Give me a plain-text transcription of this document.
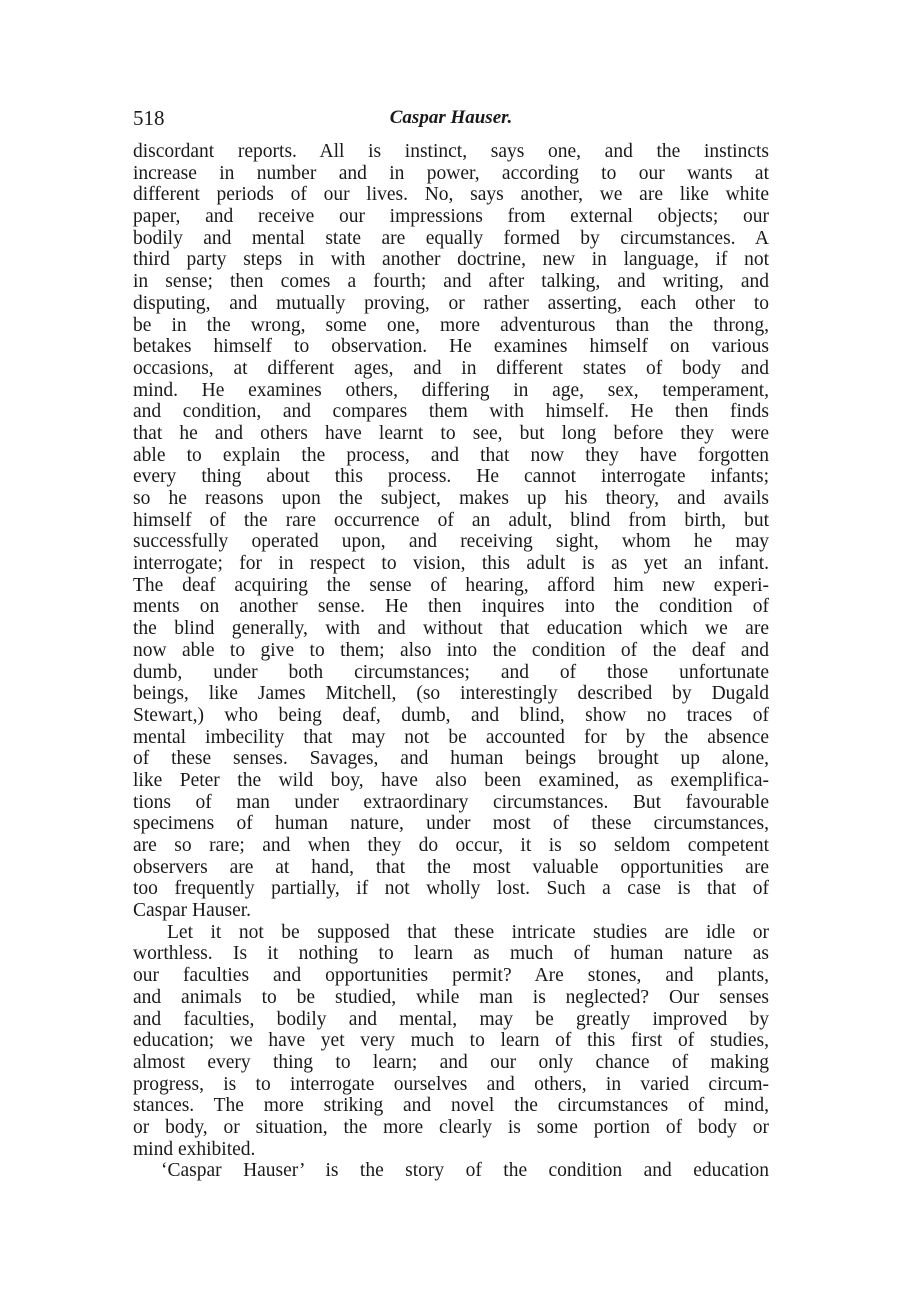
518	Caspar Hauser.
discordant reports. All is instinct, says one, and the instincts
increase in number and in power, according to our wants at
different periods of our lives. No, says another, we are like white
paper, and receive our impressions from external objects; our
bodily and mental state are equally formed by circumstances. A
third party steps in with another doctrine, new in language, if not
in sense; then comes a fourth; and after talking, and writing, and
disputing, and mutually proving, or rather asserting, each other to
be in the wrong, some one, more adventurous than the throng,
betakes himself to observation. He examines himself on various
occasions, at different ages, and in different states of body and
mind. He examines others, differing in age, sex, temperament,
and condition, and compares them with himself. He then finds
that he and others have learnt to see, but long before they were
able to explain the process, and that now they have forgotten
every thing about this process. He cannot interrogate infants;
so he reasons upon the subject, makes up his theory, and avails
himself of the rare occurrence of an adult, blind from birth, but
successfully operated upon, and receiving sight, whom he may
interrogate; for in respect to vision, this adult is as yet an infant.
The deaf acquiring the sense of hearing, afford him new experi-
ments on another sense. He then inquires into the condition of
the blind generally, with and without that education which we are
now able to give to them; also into the condition of the deaf and
dumb, under both circumstances; and of those unfortunate
beings, like James Mitchell, (so interestingly described by Dugald
Stewart,) who being deaf, dumb, and blind, show no traces of
mental imbecility that may not be accounted for by the absence
of these senses. Savages, and human beings brought up alone,
like Peter the wild boy, have also been examined, as exemplifica-
tions of man under extraordinary circumstances. But favourable
specimens of human nature, under most of these circumstances,
are so rare; and when they do occur, it is so seldom competent
observers are at hand, that the most valuable opportunities are
too frequently partially, if not wholly lost. Such a case is that of
Caspar Hauser.
Let it not be supposed that these intricate studies are idle or
worthless. Is it nothing to learn as much of human nature as
our faculties and opportunities permit? Are stones, and plants,
and animals to be studied, while man is neglected? Our senses
and faculties, bodily and mental, may be greatly improved by
education; we have yet very much to learn of this first of studies,
almost every thing to learn; and our only chance of making
progress, is to interrogate ourselves and others, in varied circum-
stances. The more striking and novel the circumstances of mind,
or body, or situation, the more clearly is some portion of body or
mind exhibited.
‘Caspar Hauser’ is the story of the condition and education
